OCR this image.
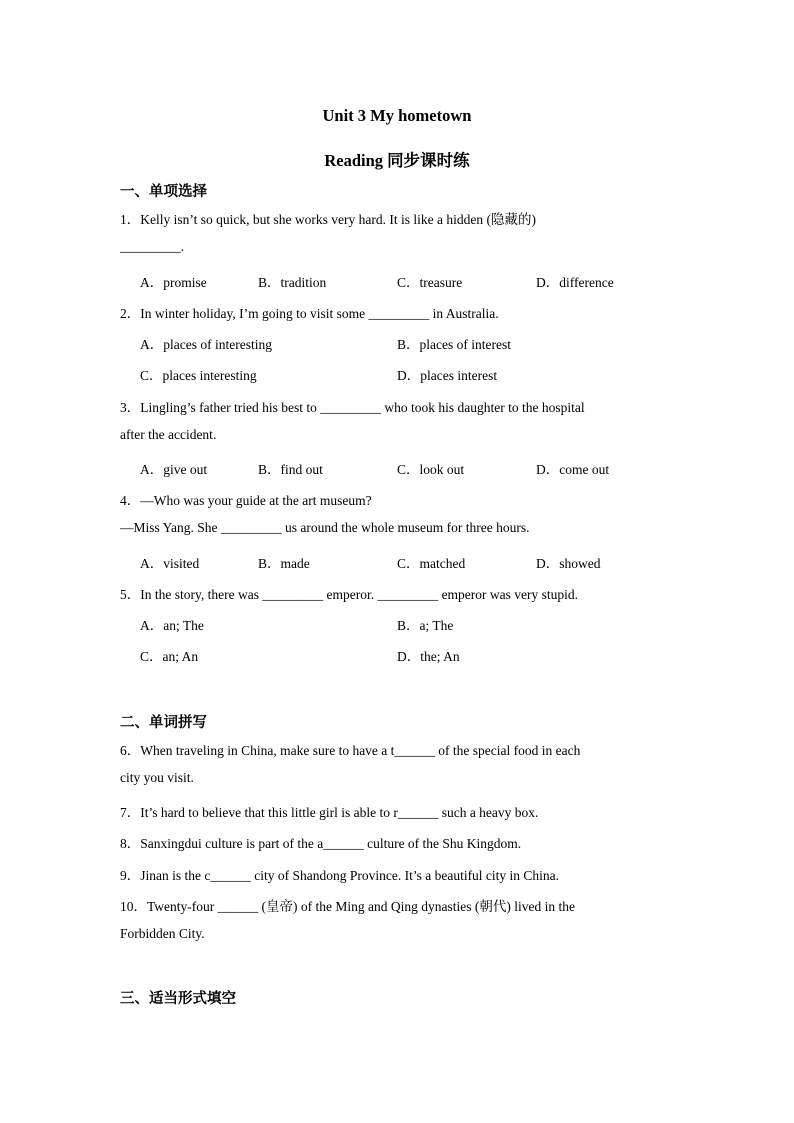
Unit 3 My hometown
Reading 同步课时练
一、单项选择
1．Kelly isn’t so quick, but she works very hard. It is like a hidden (隐藏的)
_________.
A．promise	B．tradition	C．treasure	D．difference
2．In winter holiday, I’m going to visit some _________ in Australia.
A．places of interesting	B．places of interest
C．places interesting	D．places interest
3．Lingling’s father tried his best to _________ who took his daughter to the hospital
after the accident.
A．give out	B．find out	C．look out	D．come out
4．—Who was your guide at the art museum?
—Miss Yang. She _________ us around the whole museum for three hours.
A．visited	B．made	C．matched	D．showed
5．In the story, there was _________ emperor. _________ emperor was very stupid.
A．an; The	B．a; The
C．an; An	D．the; An
二、单词拼写
6．When traveling in China, make sure to have a t______ of the special food in each
city you visit.
7．It’s hard to believe that this little girl is able to r______ such a heavy box.
8．Sanxingdui culture is part of the a______ culture of the Shu Kingdom.
9．Jinan is the c______ city of Shandong Province. It’s a beautiful city in China.
10．Twenty-four ______ (皇帝) of the Ming and Qing dynasties (朝代) lived in the
Forbidden City.
三、适当形式填空
